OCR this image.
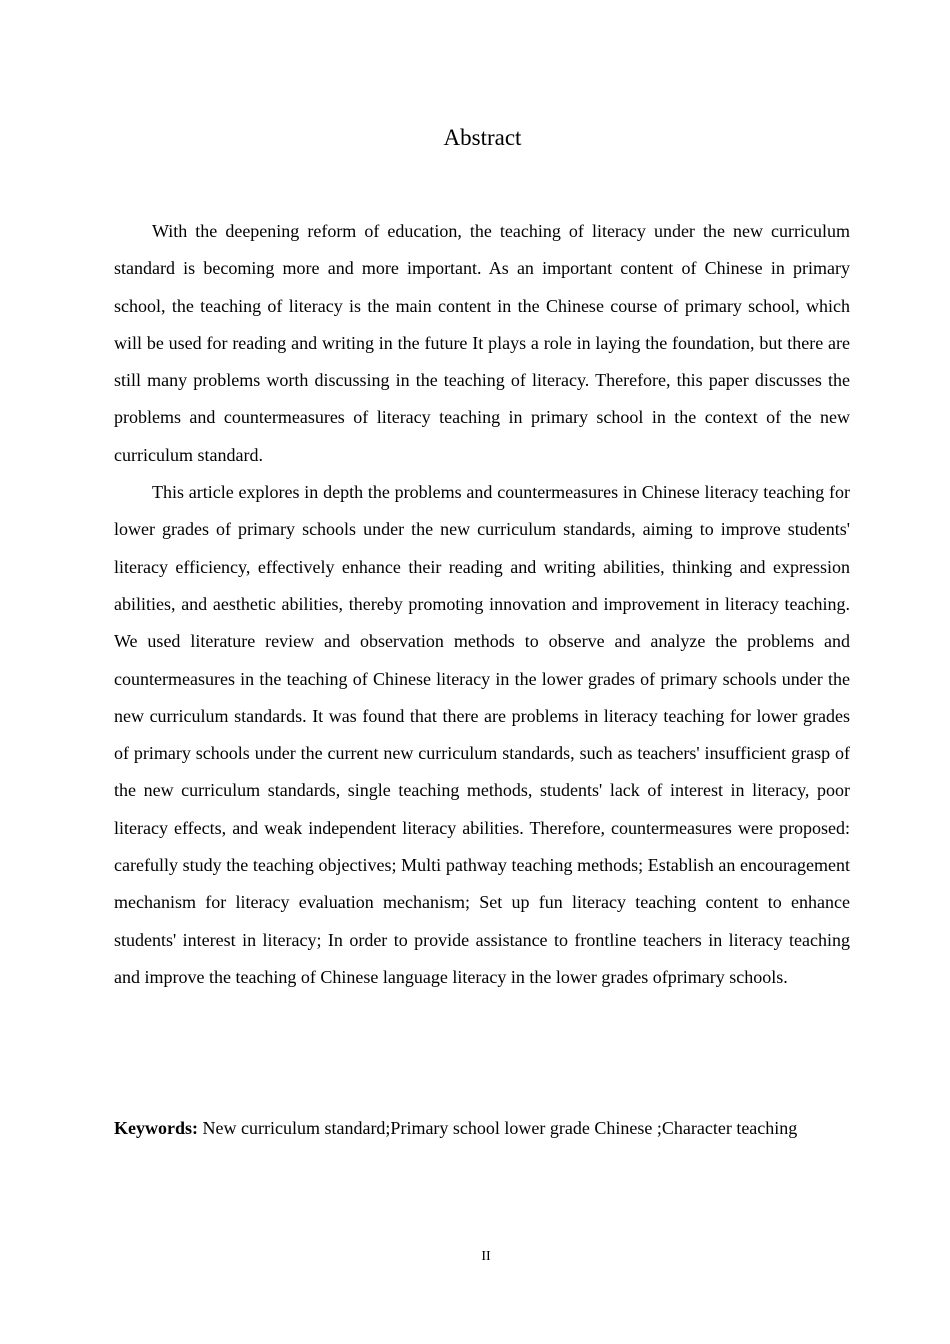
Abstract

With the deepening reform of education, the teaching of literacy under the new curriculum standard is becoming more and more important. As an important content of Chinese in primary school, the teaching of literacy is the main content in the Chinese course of primary school, which will be used for reading and writing in the future It plays a role in laying the foundation, but there are still many problems worth discussing in the teaching of literacy. Therefore, this paper discusses the problems and countermeasures of literacy teaching in primary school in the context of the new curriculum standard.

This article explores in depth the problems and countermeasures in Chinese literacy teaching for lower grades of primary schools under the new curriculum standards, aiming to improve students' literacy efficiency, effectively enhance their reading and writing abilities, thinking and expression abilities, and aesthetic abilities, thereby promoting innovation and improvement in literacy teaching. We used literature review and observation methods to observe and analyze the problems and countermeasures in the teaching of Chinese literacy in the lower grades of primary schools under the new curriculum standards. It was found that there are problems in literacy teaching for lower grades of primary schools under the current new curriculum standards, such as teachers' insufficient grasp of the new curriculum standards, single teaching methods, students' lack of interest in literacy, poor literacy effects, and weak independent literacy abilities. Therefore, countermeasures were proposed: carefully study the teaching objectives; Multi pathway teaching methods; Establish an encouragement mechanism for literacy evaluation mechanism; Set up fun literacy teaching content to enhance students' interest in literacy; In order to provide assistance to frontline teachers in literacy teaching and improve the teaching of Chinese language literacy in the lower grades ofprimary schools.

Keywords: New curriculum standard;Primary school lower grade Chinese ;Character teaching
II
